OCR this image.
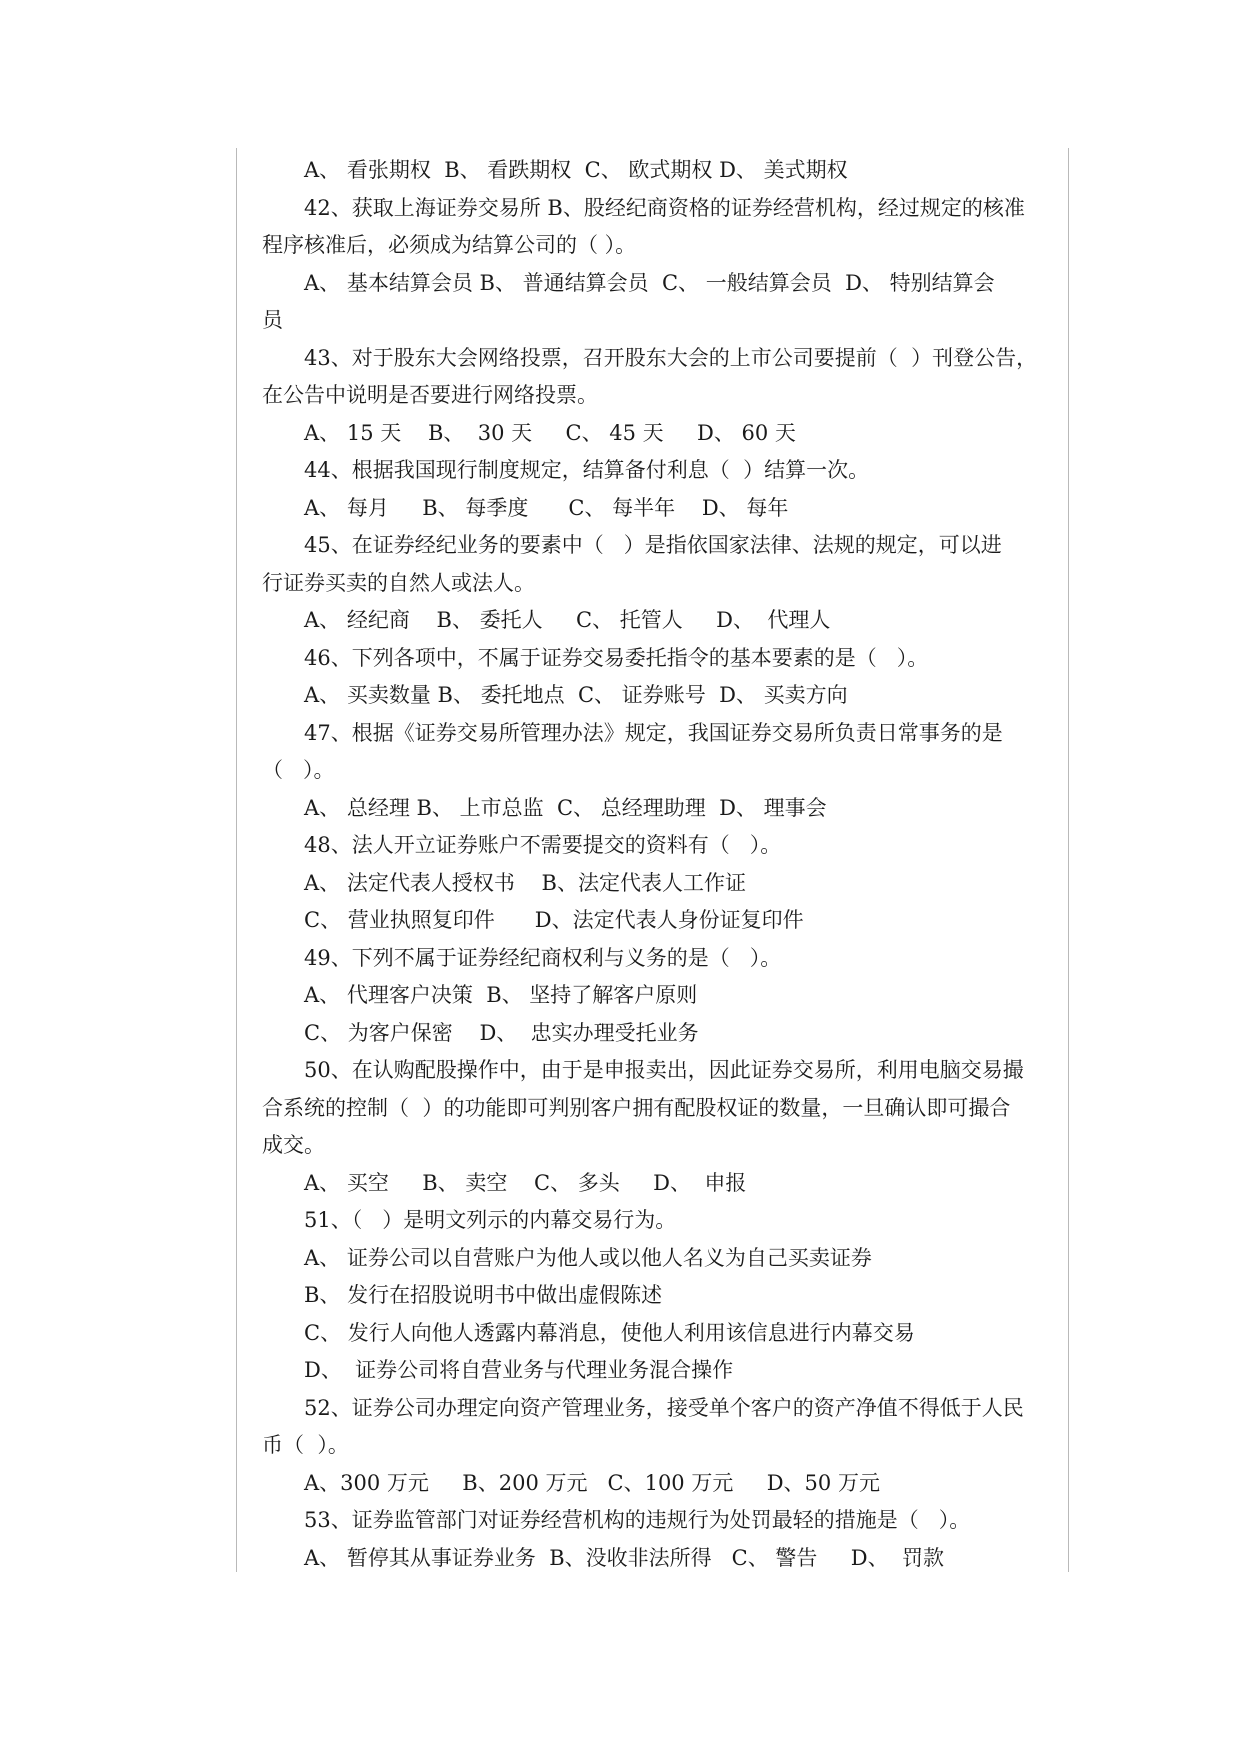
A、 看张期权  B、 看跌期权  C、 欧式期权 D、 美式期权
42、获取上海证券交易所 B、股经纪商资格的证券经营机构，经过规定的核准
程序核准后，必须成为结算公司的（ ）。
A、 基本结算会员 B、 普通结算会员  C、 一般结算会员  D、 特别结算会
员
43、对于股东大会网络投票，召开股东大会的上市公司要提前（  ）刊登公告，
在公告中说明是否要进行网络投票。
A、 15 天    B、  30 天     C、 45 天     D、 60 天
44、根据我国现行制度规定，结算备付利息（  ）结算一次。
A、 每月     B、 每季度      C、 每半年    D、 每年
45、在证券经纪业务的要素中（   ）是指依国家法律、法规的规定，可以进
行证券买卖的自然人或法人。
A、 经纪商    B、 委托人     C、 托管人     D、  代理人
46、下列各项中，不属于证券交易委托指令的基本要素的是（   ）。
A、 买卖数量 B、 委托地点  C、 证券账号  D、 买卖方向
47、根据《证券交易所管理办法》规定，我国证券交易所负责日常事务的是
（   ）。
A、 总经理 B、 上市总监  C、 总经理助理  D、 理事会
48、法人开立证券账户不需要提交的资料有（   ）。
A、 法定代表人授权书    B、法定代表人工作证
C、 营业执照复印件      D、法定代表人身份证复印件
49、下列不属于证券经纪商权利与义务的是（   ）。
A、 代理客户决策  B、 坚持了解客户原则
C、 为客户保密    D、  忠实办理受托业务
50、在认购配股操作中，由于是申报卖出，因此证券交易所，利用电脑交易撮
合系统的控制（  ）的功能即可判别客户拥有配股权证的数量，一旦确认即可撮合
成交。
A、 买空     B、 卖空    C、 多头     D、  申报
51、（   ）是明文列示的内幕交易行为。
A、 证券公司以自营账户为他人或以他人名义为自己买卖证券
B、 发行在招股说明书中做出虚假陈述
C、 发行人向他人透露内幕消息，使他人利用该信息进行内幕交易
D、  证券公司将自营业务与代理业务混合操作
52、证券公司办理定向资产管理业务，接受单个客户的资产净值不得低于人民
币（  ）。
A、300 万元     B、200 万元   C、100 万元     D、50 万元
53、证券监管部门对证券经营机构的违规行为处罚最轻的措施是（   ）。
A、 暂停其从事证券业务  B、没收非法所得   C、 警告     D、  罚款
